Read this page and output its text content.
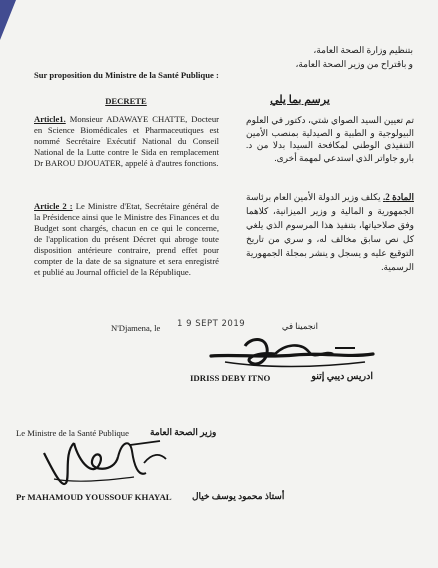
Sur proposition du Ministre de la Santé Publique :
DECRETE
Article1. Monsieur ADAWAYE CHATTE, Docteur en Science Biomédicales et Pharmaceutiques est nommé Secrétaire Exécutif National du Conseil National de la Lutte contre le Sida en remplacement Dr BAROU DJOUATER, appelé à d'autres fonctions.
Article 2 : Le Ministre d'Etat, Secrétaire général de la Présidence ainsi que le Ministre des Finances et du Budget sont chargés, chacun en ce qui le concerne, de l'application du présent Décret qui abroge toute disposition antérieure contraire, prend effet pour compter de la date de sa signature et sera enregistré et publié au Journal officiel de la République.
بتنظيم وزارة الصحة العامة،
و باقتراح من وزير الصحة العامة،
يرسم بما يلي
تم تعيين السيد الصواي شتي، دكتور في العلوم البيولوجية و الطبية و الصيدلية بمنصب الأمين التنفيذي الوطني لمكافحة السيدا بدلا من د. بارو جاواتر الذي استدعي لمهمة أخرى.
المادة 2. يكلف وزير الدولة الأمين العام برئاسة الجمهورية و المالية و وزير الميزانية، كلاهما وفق صلاحياتها، بتنفيذ هذا المرسوم الذي يلغي كل نص سابق مخالف له، و سري من تاريخ التوقيع عليه و يسجل و ينشر بمجلة الجمهورية الرسمية.
N'Djamena, le	1 9 SEPT 2019	انجمينا في
IDRISS DEBY ITNO	ادريس ديبي إتنو
Le Ministre de la Santé Publique	وزير الصحة العامة
Pr MAHAMOUD YOUSSOUF KHAYAL	أستاذ محمود يوسف خيال
